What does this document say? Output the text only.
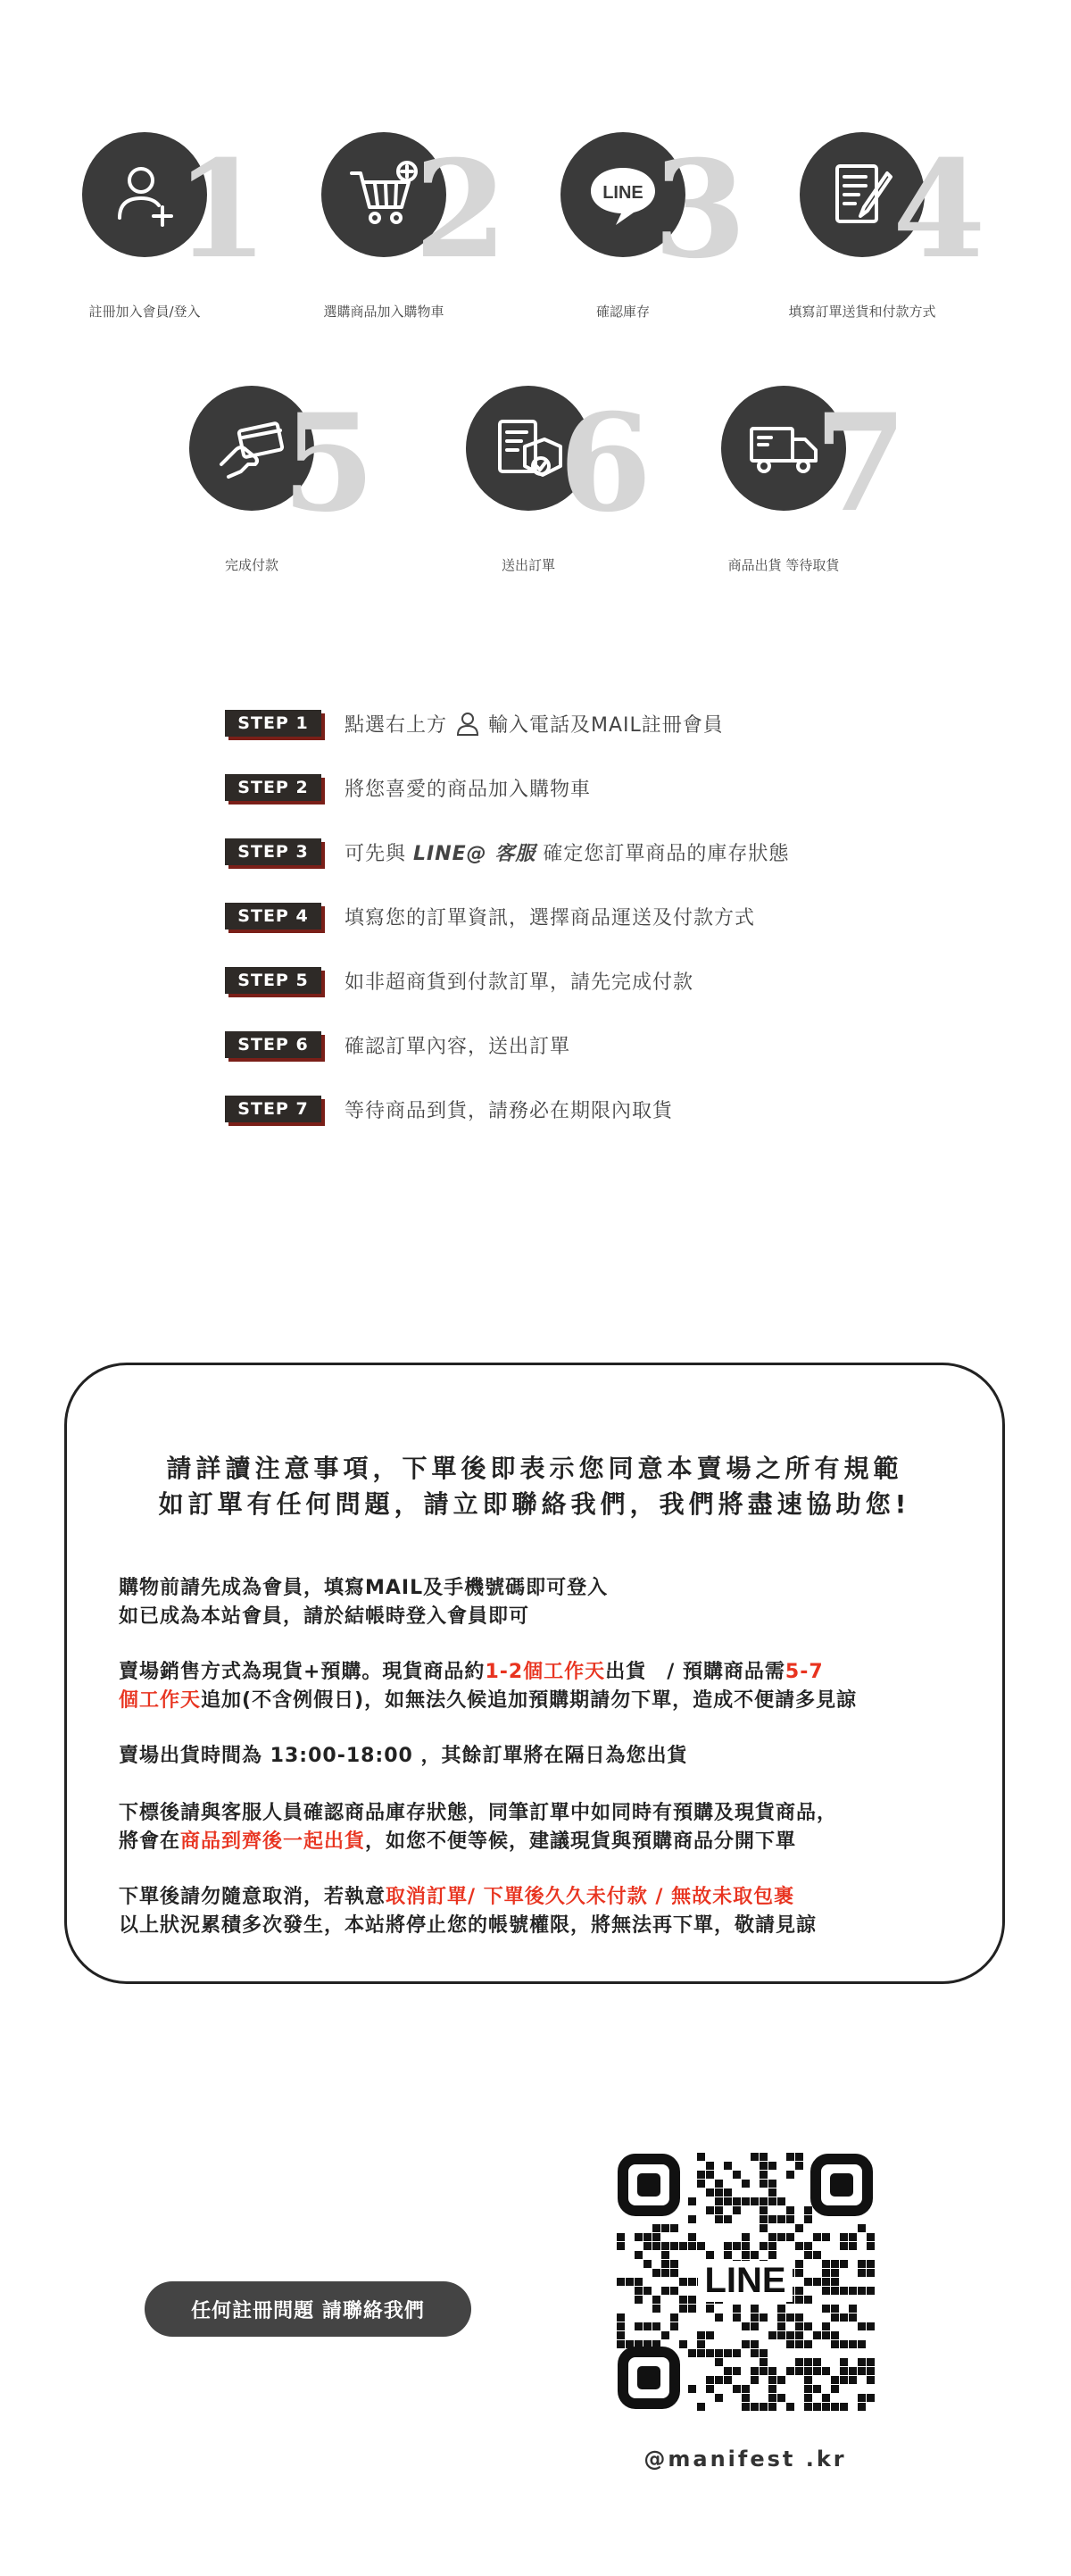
1
註冊加入會員/登入
2
選購商品加入購物車
LINE 3
確認庫存
4
填寫訂單送貨和付款方式
5
完成付款
6
送出訂單
7
商品出貨 等待取貨
STEP 1	點選右上方 輸入電話及MAIL註冊會員
STEP 2	將您喜愛的商品加入購物車
STEP 3	可先與 LINE@ 客服 確定您訂單商品的庫存狀態
STEP 4	填寫您的訂單資訊，選擇商品運送及付款方式
STEP 5	如非超商貨到付款訂單，請先完成付款
STEP 6	確認訂單內容，送出訂單
STEP 7	等待商品到貨，請務必在期限內取貨
請詳讀注意事項，下單後即表示您同意本賣場之所有規範
如訂單有任何問題，請立即聯絡我們，我們將盡速協助您!
購物前請先成為會員，填寫MAIL及手機號碼即可登入
如已成為本站會員，請於結帳時登入會員即可
賣場銷售方式為現貨+預購。現貨商品約1-2個工作天出貨　/ 預購商品需5-7
個工作天追加(不含例假日)，如無法久候追加預購期請勿下單，造成不便請多見諒
賣場出貨時間為 13:00-18:00 ，其餘訂單將在隔日為您出貨
下標後請與客服人員確認商品庫存狀態，同筆訂單中如同時有預購及現貨商品，
將會在商品到齊後一起出貨，如您不便等候，建議現貨與預購商品分開下單
下單後請勿隨意取消，若執意取消訂單/ 下單後久久未付款 / 無故未取包裹
以上狀況累積多次發生，本站將停止您的帳號權限，將無法再下單，敬請見諒
任何註冊問題 請聯絡我們
LINE
@manifest .kr
